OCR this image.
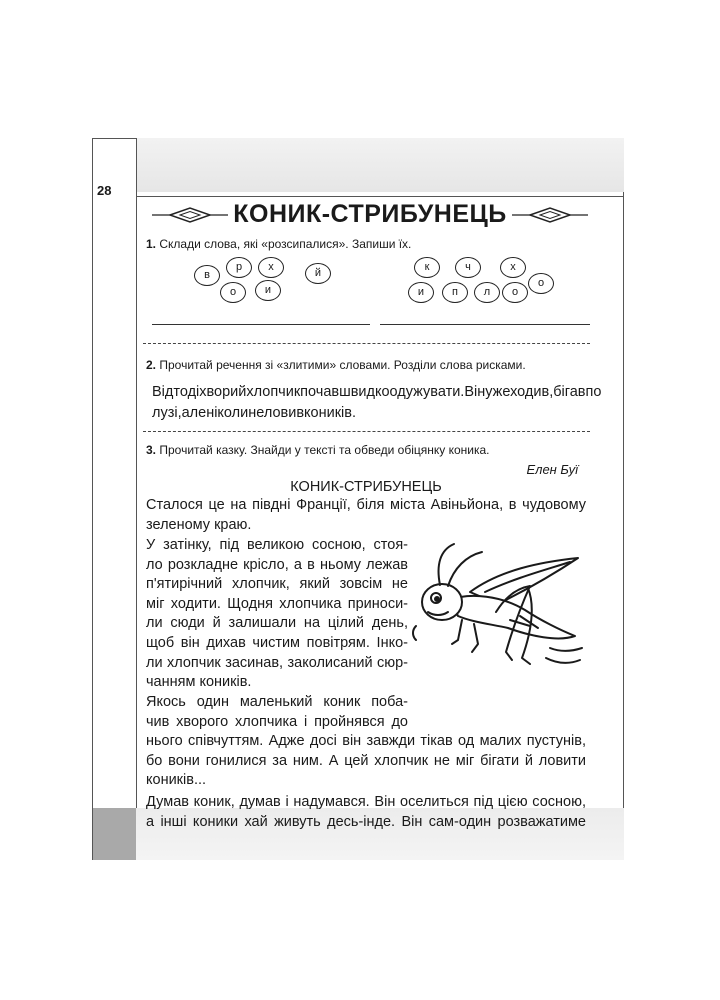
28
КОНИК-СТРИБУНЕЦЬ
1. Склади слова, які «розсипалися». Запиши їх.
в
р	х	й
о	и
к	ч	х
и	п	л	о
о
2. Прочитай речення зі «злитими» словами. Розділи слова рисками.
Відтодіхворийхлопчикпочавшвидкоодужувати.Вінужеходив,бігавпо
лузі,аленіколинеловивконикiв.
3. Прочитай казку. Знайди у тексті та обведи обіцянку коника.
Елен Буї
КОНИК-СТРИБУНЕЦЬ
Сталося це на півдні Франції, біля міста Авіньйона, в чудовому
зеленому краю.
У затінку, під великою сосною, стоя-
ло розкладне крісло, а в ньому лежав
п'ятирічний хлопчик, який зовсім не
міг ходити. Щодня хлопчика приноси-
ли сюди й залишали на цілий день,
щоб він дихав чистим повітрям. Інко-
ли хлопчик засинав, заколисаний сюр-
чанням коників.
Якось один маленький коник поба-
чив хворого хлопчика і пройнявся до
нього співчуттям. Адже досі він завжди тікав од малих пустунів,
бо вони гонилися за ним. А цей хлопчик не міг бігати й ловити
коників...
Думав коник, думав і надумався. Він оселиться під цією сосною,
а інші коники хай живуть десь-інде. Він сам-один розважатиме
